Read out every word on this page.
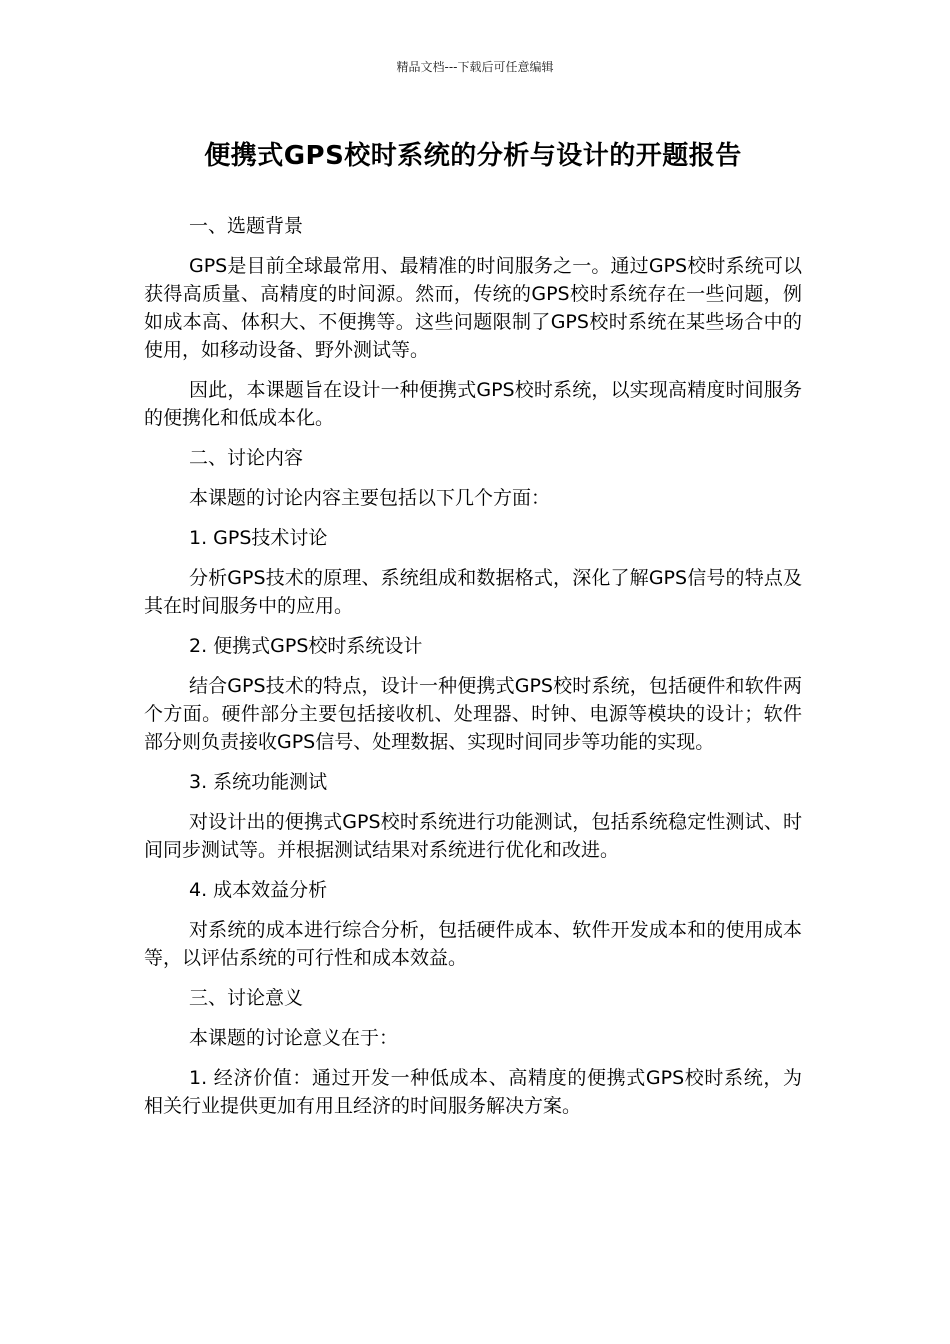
精品文档---下载后可任意编辑
便携式GPS校时系统的分析与设计的开题报告

一、选题背景

GPS是目前全球最常用、最精准的时间服务之一。通过GPS校时系统可以获得高质量、高精度的时间源。然而，传统的GPS校时系统存在一些问题，例如成本高、体积大、不便携等。这些问题限制了GPS校时系统在某些场合中的使用，如移动设备、野外测试等。

因此，本课题旨在设计一种便携式GPS校时系统，以实现高精度时间服务的便携化和低成本化。

二、讨论内容

本课题的讨论内容主要包括以下几个方面：

1. GPS技术讨论

分析GPS技术的原理、系统组成和数据格式，深化了解GPS信号的特点及其在时间服务中的应用。

2. 便携式GPS校时系统设计

结合GPS技术的特点，设计一种便携式GPS校时系统，包括硬件和软件两个方面。硬件部分主要包括接收机、处理器、时钟、电源等模块的设计；软件部分则负责接收GPS信号、处理数据、实现时间同步等功能的实现。

3. 系统功能测试

对设计出的便携式GPS校时系统进行功能测试，包括系统稳定性测试、时间同步测试等。并根据测试结果对系统进行优化和改进。

4. 成本效益分析

对系统的成本进行综合分析，包括硬件成本、软件开发成本和的使用成本等，以评估系统的可行性和成本效益。

三、讨论意义

本课题的讨论意义在于：

1. 经济价值：通过开发一种低成本、高精度的便携式GPS校时系统，为相关行业提供更加有用且经济的时间服务解决方案。
